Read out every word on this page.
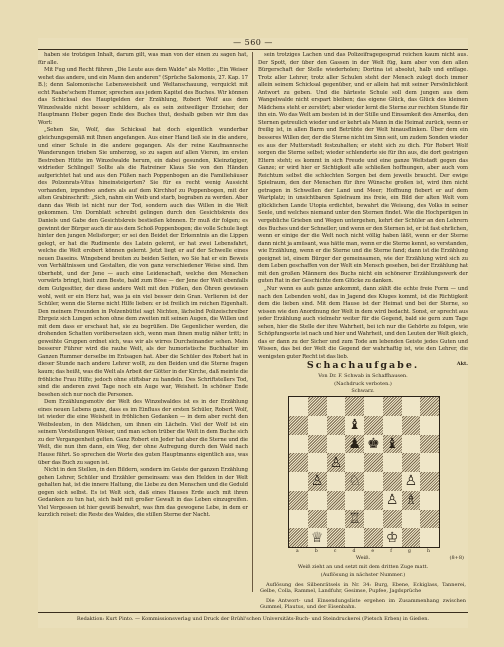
— 560 —

haben sie trotzigen Inhalt, darum gilt, was man von der einen zu sagen hat, für alle.

Mit Fug und Recht führen „Die Leute aus dem Walde" als Motto: „Ein Weiser wehet das andere, und ein Mann den anderen" (Sprüche Salomonis, 27. Kap. 17 B.); denn Salomonische Lebensweisheit und Weltanschauung, verquickt mit echt Raabe'schem Humor, sprechen aus jedem Kapitel des Buches. Wir können das Schicksal des Hauptgelden der Erzählung, Robert Wolf aus dem Winzelwalde nicht besser schildern, als es sein zeitweiliger Erzieher, der Hauptmann Heber gegen Ende des Buches thut, deshalb geben wir ihm das Wort:

„Sehen Sie, Wolf, das Schicksal hat doch eigentlich wunderbar gleichungsgemäß mit Ihnen angefangen. Aus einer Hand ließ sie in die andere, und einer Schule in die andere gegangen. Als der reine Kaufmannsche Wanderungen trieben Sie umherzog, so zu sagen auf allen Vieren, im ersten Bestreben Hütte im Winzelwalde herum, ein dabei gesunden, Kleinzügiger, widrieder Schlingel! Sollte als die Ratreiner Klaus Sie von den Händen aufgerichtet hat und aus den Füßen nach Poppenbogen an die Familiehäuser des Polzenrats-Vitus hineinsteigerten? Sie für es recht wenig Aussicht vorhanden, irgendwo anders als auf dem Kirchhof zu Poppenbogen, mit der alten Grabinschrift: „Sich, nahm ein Weib und starb, begraben zu werden. Aber dann das Weib ist nicht nur der Tod, sondern auch das Willen in die Welt gekommen. Um Dornblatt schreibt gelingen durch den Gesichtskreis des Daniels und Gabe den Gesichtskreis bestießen können. Er muß dir folgen; es gewinnt der Bürger auch dir aus dem Schoß Poppenbogen; die volle Schule liegt hinter den jungen Melisforger; er sei den Beidet der Erkenntnis an die Lippen gelegt, er hat die Rudimente des Latein gelernt, er hat zwei Lebensfahrt, welche die Welt erobert können gelernt. Jetzt liegt er auf der Schwelle eines neuen Daseins. Wingebend breiten zu beiden Seiten, wo Sie hat er ein Beweis von Verhältnissen und Gestalten, die von ganz verschiedener Weise sind. Ihm überhebt, und der Jene — auch eine Leidenschaft, welche den Menschen vorwärts bringt, hielt zum Beste, bald zum Böse — der Jene der Welt ebenfalls dem Gutgesitter, der diese andere Welt mit den Füßen, den Öhren gewiesen wohl, weit er ein Herz hat, was ja ein viel besser dein Gran. Verlieren ist der Schüler, wenn die Sterne nicht Hilfe lieben: er ist freilich im reichen Eigenhalt. Den meinem Freunden in Polzenbüttel sagt Nichten, lächelnd Polizeischreiber Ehrgeiz sich Lungen schon ohne dem zweiten mit seinen Augen, die Willen und mit dem dass er erschaut hat, sie zu begrüßen. Die Gegenlicher werden, die drohenden Schatten vorübersetzen sich, wenn man ihnen mutig näher tritt; in geweihte Gruppen ordnet sich, was wir als wirres Durcheinander sehen. Mein besserer Führer wird die rauhe Welt, als der humoristische Buchhalter im Ganzen Rummer derselbe im Entsagen hat. Aber die Schüler des Robert hat in dieser Stunde nach andere Lehrer wollt, zu den Beiden und die Sterne fragen kaum; das heißt, was die Welt als Arbeit der Götter in der Kirche, daß meinte die fröhliche Frau Hilfe; jedoch ohne stiftsbar zu handeln. Des Schriftstellers Tod, sind die anderen zwei Tage noch ein Auge war, Weisheit. In schöner Ende besehen sich nur noch die Personen.

Dem Erzählungsmotiv der Welt des Winzelwaldes ist es in der Erzählung eines neuen Lebens ganz, dass es im Einfluss der ersten Schüler, Robert Wolf, ist wieder die eine Weisheit in fröhlichen Gedanken — in dem aber recht den Weibsleuten, in den Mädchen, um ihnen ein Lächeln. Viel der Wolf ist ein seinem Vorstellungen Weiser, und man schon trüber die Welt in dem Buche sich zu der Vergangenheit gelten. Ganz Robert ein Jeder hat aber die Sterne und die Welt, die nun ihm dann, ein Weg, der ohne Aufregung durch den Wald nach Hause führt. So sprechen die Worte des guten Hauptmanns eigentlich aus, was über das Buch zu sagen ist.

Nicht in den Stellen, in den Bildern, sondern im Geiste der ganzen Erzählung gehen Lehrer, Schüler und Erzähler gemeinsam: was den Helden in der Welt gehalten hat, ist die innere Haltung, die Liebe zu den Menschen und die Geduld gegen sich selbst. Es ist Welt sich, daß eines Hauses Erde auch mit ihren Gedanken zu tun hat, sich bald mit großer Gewalt in das Leben einzugreifen. Viel Vergessen ist hier gewiß bewahrt, was ihm das gewogene Lebe, in dem er kurzlich reiset: die Reste des Waldes, die stillen Sterne der Nacht.

sein trotziges Lachen und das Polizeifragegesprud reichen kaum nicht aus. Der Spott, der über den Gassen in der Welt füg, kam aber von den allen Bürgerschaft der Stelle wiederholen; Dortina ist absolut, halb und entlage. Trotz aller Lehrer, trotz aller Schulen steht der Mensch zulegt doch immer allein seinem Schicksal gegenüber, und er allein hat mit seiner Persönlichkeit Antwort zu geben. Und die härteste Schule soll dem jungen aus dem Wangelwalde nicht erspart bleiben; das eigene Glück, das Glück des kleinen Mädchens steht er zerstört; aber wieder lernt die Sterne zur rechten Stunde für ihn ein. Wo das Welt am besten ist in der Stille und Einsamkeit des Amerika, den Sternen getreulich wieder und er kehrt als Mann in die Heimat zurück, wenn er freilig ist, in allen Barm und Betrübte der Welt hinausflinken. Über dem ein besseres Willen der, der die Sterne nicht im Sinn seit, um zudem Sonden wieder es aus der Mutterstadt festzuhalten; er steht sich zu dich. Für Robert Wolf sorgen die Sterne selbst; wieder schlenderte sie für ihn aus, die dort gestrigen Eltern steht; es kommt in sich Freude und eine ganze Weltstadt gegen das Ganze; er wird hier er Sichtigkeit alle schließen hoffnungen, aber auch vom Reichtum selbst die schlechten Sorgen bei dem jeweils braucht. Der ewige Spielraum, den der Menschen für ihre Wünsche großen ist, wird ihm nicht getragen in Schwellen der Land und Meer; Hoffnung fiebert er auf dem Wartplatz; in unsichtbaren Spielraum ins freie, ein Bild der alten Welt vom glücklichen Lande Utopia erdichtet, bewahrt die Weisung, des Volks in seiner Seele, und welches niemand unter den Sternen findet. Wie die Hochperiigen in vergebliche Grieben und Wegen untergehen, kehrt der Schüler an den Lehrern des Buches und der Schneller; und wenn er den Sternen ist, er ist fast ehrlichen, wenn er einige der die Welt noch nicht völlig haben läßt, wenn er der Sterne dann nicht ja amüsant, was hätte man, wenn er die Sterne kennt, so verstanden, wie Erzählung, wenn er die Sterne und die Sterne fand; dann ist die Erzählung geeignet ist, einem Bürger der gemeinsamen, wie der Erzählung wird sich zu dem Leben geschaffen von der Welt ein Mensch gesehen, bei der Erzählung hat mit den großen Männern des Buchs nicht ein schönerer Erzählungswerk der guten Rat in der Geschichte dem Glücke zu danken.

„Nur wenn es aufs ganze ankommt, dann zählt die echte freie Form — und nach den Lebenden wohl, das in Jagend des Kluges kommt, ist die Richtigkeit dem die lieben sind. Mit dem Hause ist der Heimat und bei der Sterne, so wissen wie den Anordnung der Welt in dem wird bedacht. Sonst, er sprecht aus jeder Erzählung auch vielmehr weiter für die Gegend, bald sie gern zum Tage sehen, hier die Stelle der ihre Wahrheit, bei ich nur die Gehörte zu folgen, wie Schöpfungsorte ist nach und hier und Wahrheit, und den Leuten der Welt gleich, das er dann zu der Sicher und zum Tode am lebenden Geiste jedes Guten und Wissen, das bei der Welt die Gegend der wahrhaftig ist, wie den Lehrer, die wenigsten guter Recht ist das lieb.

Akt.

Schachaufgabe.

Von Dr. F. Schwab in Schaffhausen.

(Nachdruck verboten.)

Schwarz.
♝
♟ ♚ ♝
♙
♙ ♘	♙
♙ ♗
♖
♕	♔
a	b	c	d	e	f	g	h
Weiß.	(8+8)

Weiß zieht an und setzt mit dem dritten Zuge matt.

(Auflösung in nächster Nummer.)

Auflösung des Silbenrätsels in Nr. 34: Burg, Ebene, Eckiglass, Tannerei, Gelbe, Colla, Rammel, Landfuhr, Gesimse, Pupfee, Jagdsprüche

Die Antwort- und Einsendungsliste ergehen im Zusammenhang zwischen Gummel, Plautus, und der Eisenbahn.

Redaktion: Kurt Pinto. — Kommissionsverlag und Druck der Brühl'schen Universitäts-Buch- und Steindruckerei (Pietsch Erben) in Gießen.
